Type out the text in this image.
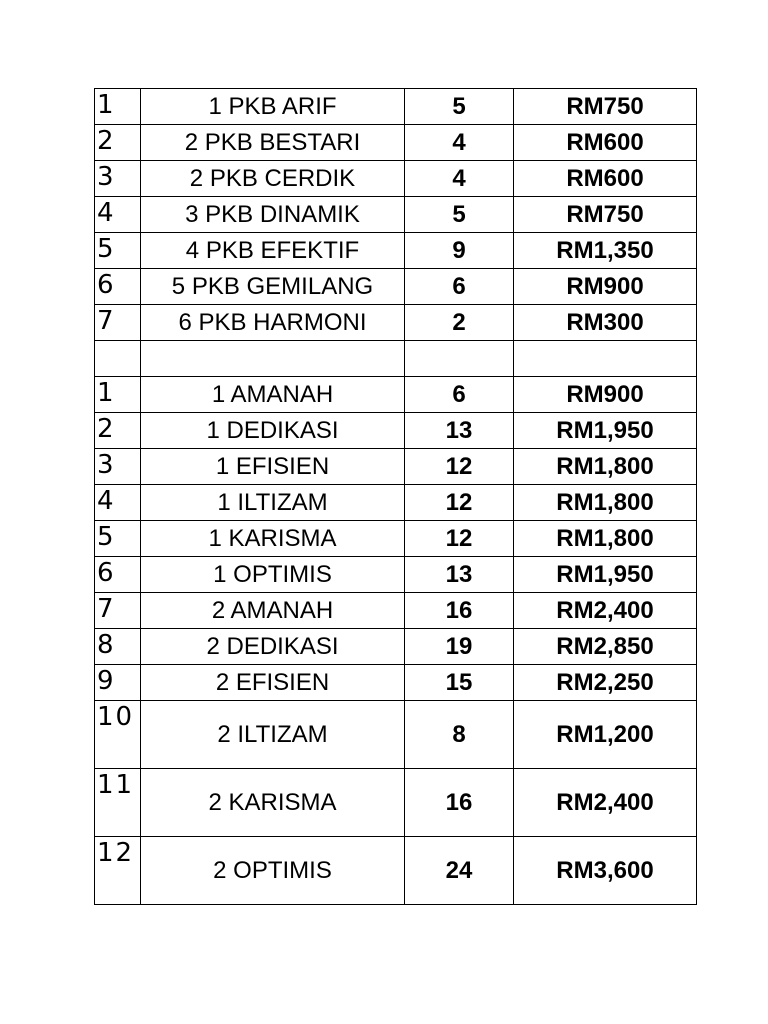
1	1 PKB ARIF	5	RM750
2	2 PKB BESTARI	4	RM600
3	2 PKB CERDIK	4	RM600
4	3 PKB DINAMIK	5	RM750
5	4 PKB EFEKTIF	9	RM1,350
6	5 PKB GEMILANG	6	RM900
7	6 PKB HARMONI	2	RM300

1	1 AMANAH	6	RM900
2	1 DEDIKASI	13	RM1,950
3	1 EFISIEN	12	RM1,800
4	1 ILTIZAM	12	RM1,800
5	1 KARISMA	12	RM1,800
6	1 OPTIMIS	13	RM1,950
7	2 AMANAH	16	RM2,400
8	2 DEDIKASI	19	RM2,850
9	2 EFISIEN	15	RM2,250
10	2 ILTIZAM	8	RM1,200
11	2 KARISMA	16	RM2,400
12	2 OPTIMIS	24	RM3,600
